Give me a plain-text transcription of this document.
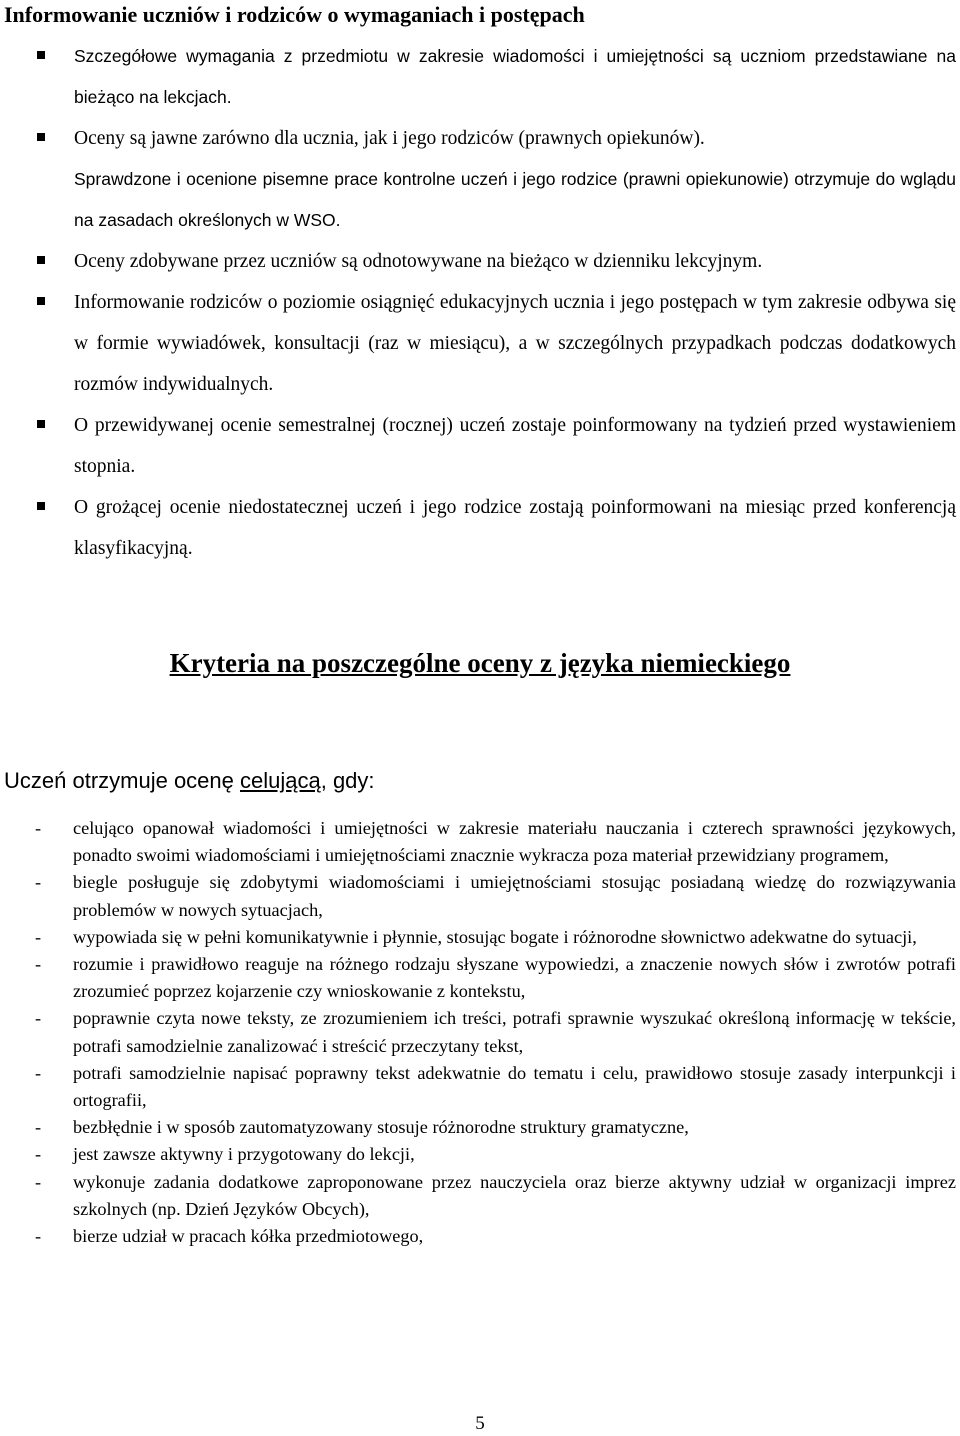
Informowanie uczniów i rodziców o wymaganiach i postępach
Szczegółowe wymagania z przedmiotu w zakresie wiadomości i umiejętności są uczniom przedstawiane na bieżąco na lekcjach.
Oceny są jawne zarówno dla ucznia, jak i jego rodziców (prawnych opiekunów).
Sprawdzone i ocenione pisemne prace kontrolne uczeń i jego rodzice (prawni opiekunowie) otrzymuje do wglądu na zasadach określonych w WSO.
Oceny zdobywane przez uczniów są odnotowywane na bieżąco w dzienniku lekcyjnym.
Informowanie rodziców o poziomie osiągnięć edukacyjnych ucznia i jego postępach w tym zakresie odbywa się w formie wywiadówek, konsultacji (raz w miesiącu), a w szczególnych przypadkach podczas dodatkowych rozmów indywidualnych.
O przewidywanej ocenie semestralnej (rocznej) uczeń zostaje poinformowany na tydzień przed wystawieniem stopnia.
O grożącej ocenie niedostatecznej uczeń i jego rodzice zostają poinformowani na miesiąc przed konferencją klasyfikacyjną.
Kryteria na poszczególne oceny z języka niemieckiego

Uczeń otrzymuje ocenę celującą, gdy:

- celująco opanował wiadomości i umiejętności w zakresie materiału nauczania i czterech sprawności językowych, ponadto swoimi wiadomościami i umiejętnościami znacznie wykracza poza materiał przewidziany programem,
- biegle posługuje się zdobytymi wiadomościami i umiejętnościami stosując posiadaną wiedzę do rozwiązywania problemów w nowych sytuacjach,
- wypowiada się w pełni komunikatywnie i płynnie, stosując bogate i różnorodne słownictwo adekwatne do sytuacji,
- rozumie i prawidłowo reaguje na różnego rodzaju słyszane wypowiedzi, a znaczenie nowych słów i zwrotów potrafi zrozumieć poprzez kojarzenie czy wnioskowanie z kontekstu,
- poprawnie czyta nowe teksty, ze zrozumieniem ich treści, potrafi sprawnie wyszukać określoną informację w tekście, potrafi samodzielnie zanalizować i streścić przeczytany tekst,
- potrafi samodzielnie napisać poprawny tekst adekwatnie do tematu i celu, prawidłowo stosuje zasady interpunkcji i ortografii,
- bezbłędnie i w sposób zautomatyzowany stosuje różnorodne struktury gramatyczne,
- jest zawsze aktywny i przygotowany do lekcji,
- wykonuje zadania dodatkowe zaproponowane przez nauczyciela oraz bierze aktywny udział w organizacji imprez szkolnych (np. Dzień Języków Obcych),
- bierze udział w pracach kółka przedmiotowego,
5
